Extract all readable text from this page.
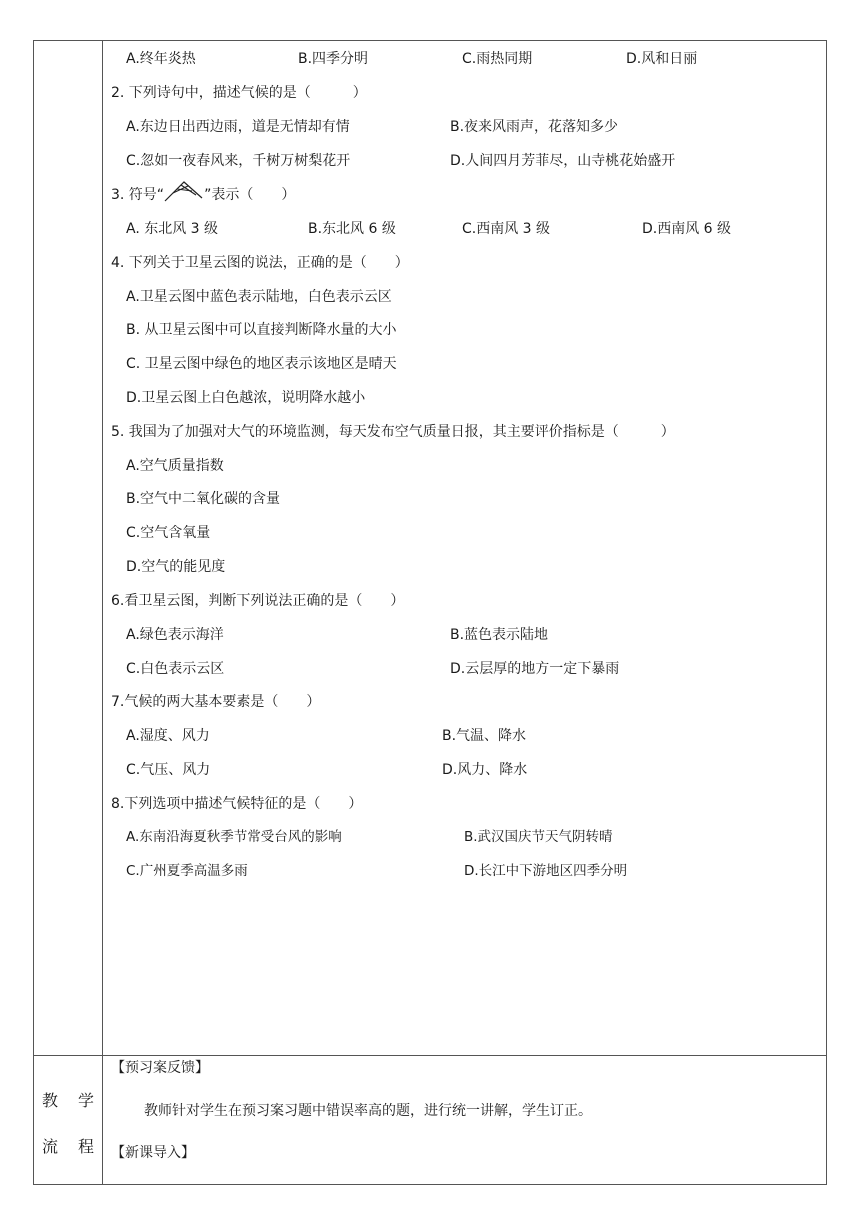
A.终年炎热	B.四季分明	C.雨热同期	D.风和日丽
2. 下列诗句中，描述气候的是（　　　）
A.东边日出西边雨，道是无情却有情	B.夜来风雨声，花落知多少
C.忽如一夜春风来，千树万树梨花开	D.人间四月芳菲尽，山寺桃花始盛开
3. 符号“	”表示（　　）
A. 东北风 3 级	B.东北风 6 级	C.西南风 3 级	D.西南风 6 级
4. 下列关于卫星云图的说法，正确的是（　　）
A.卫星云图中蓝色表示陆地，白色表示云区
B. 从卫星云图中可以直接判断降水量的大小
C. 卫星云图中绿色的地区表示该地区是晴天
D.卫星云图上白色越浓，说明降水越小
5. 我国为了加强对大气的环境监测，每天发布空气质量日报，其主要评价指标是（　　　）
A.空气质量指数
B.空气中二氧化碳的含量
C.空气含氧量
D.空气的能见度
6.看卫星云图，判断下列说法正确的是（　　）
A.绿色表示海洋	B.蓝色表示陆地
C.白色表示云区	D.云层厚的地方一定下暴雨
7.气候的两大基本要素是（　　）
A.湿度、风力	B.气温、降水
C.气压、风力	D.风力、降水
8.下列选项中描述气候特征的是（　　）
A.东南沿海夏秋季节常受台风的影响	B.武汉国庆节天气阴转晴
C.广州夏季高温多雨	D.长江中下游地区四季分明
教 学
流 程
【预习案反馈】
教师针对学生在预习案习题中错误率高的题，进行统一讲解，学生订正。
【新课导入】
